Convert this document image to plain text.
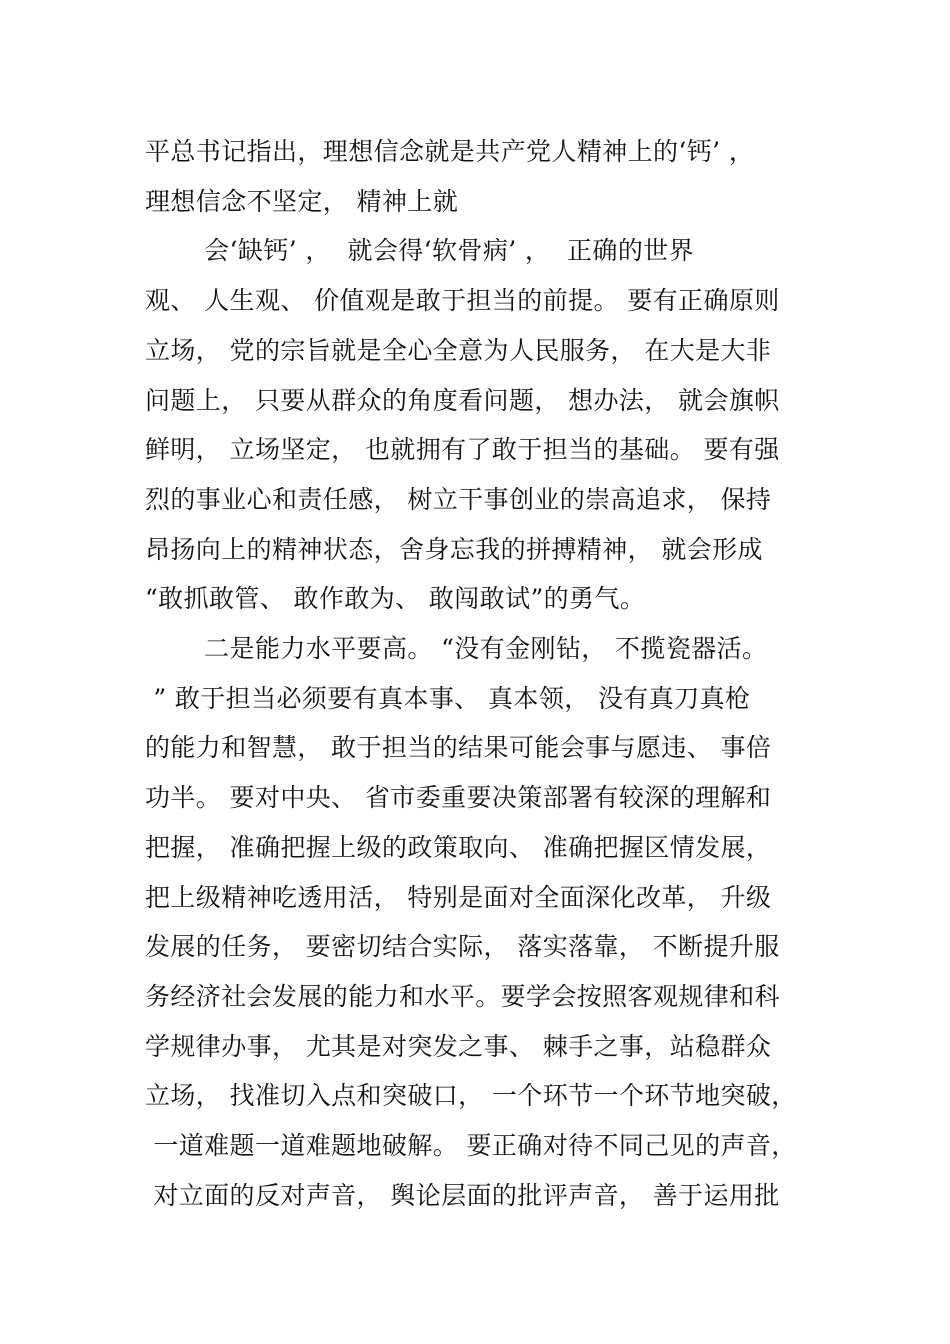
平总书记指出，理想信念就是共产党人精神上的‘钙’ ，
理想信念不坚定， 精神上就
　　 会‘缺钙’ ，  就会得‘软骨病’ ，  正确的世界
观、 人生观、 价值观是敢于担当的前提。 要有正确原则
立场， 党的宗旨就是全心全意为人民服务， 在大是大非
问题上， 只要从群众的角度看问题， 想办法， 就会旗帜
鲜明， 立场坚定， 也就拥有了敢于担当的基础。 要有强
烈的事业心和责任感， 树立干事创业的崇高追求， 保持
昂扬向上的精神状态，舍身忘我的拼搏精神， 就会形成
“敢抓敢管、 敢作敢为、 敢闯敢试”的勇气。
　　 二是能力水平要高。 “没有金刚钻， 不揽瓷器活。
” 敢于担当必须要有真本事、 真本领， 没有真刀真枪
的能力和智慧， 敢于担当的结果可能会事与愿违、 事倍
功半。 要对中央、 省市委重要决策部署有较深的理解和
把握， 准确把握上级的政策取向、 准确把握区情发展，
把上级精神吃透用活， 特别是面对全面深化改革， 升级
发展的任务， 要密切结合实际， 落实落靠， 不断提升服
务经济社会发展的能力和水平。要学会按照客观规律和科
学规律办事， 尤其是对突发之事、 棘手之事，站稳群众
立场， 找准切入点和突破口， 一个环节一个环节地突破，
一道难题一道难题地破解。 要正确对待不同己见的声音，
对立面的反对声音， 舆论层面的批评声音， 善于运用批
